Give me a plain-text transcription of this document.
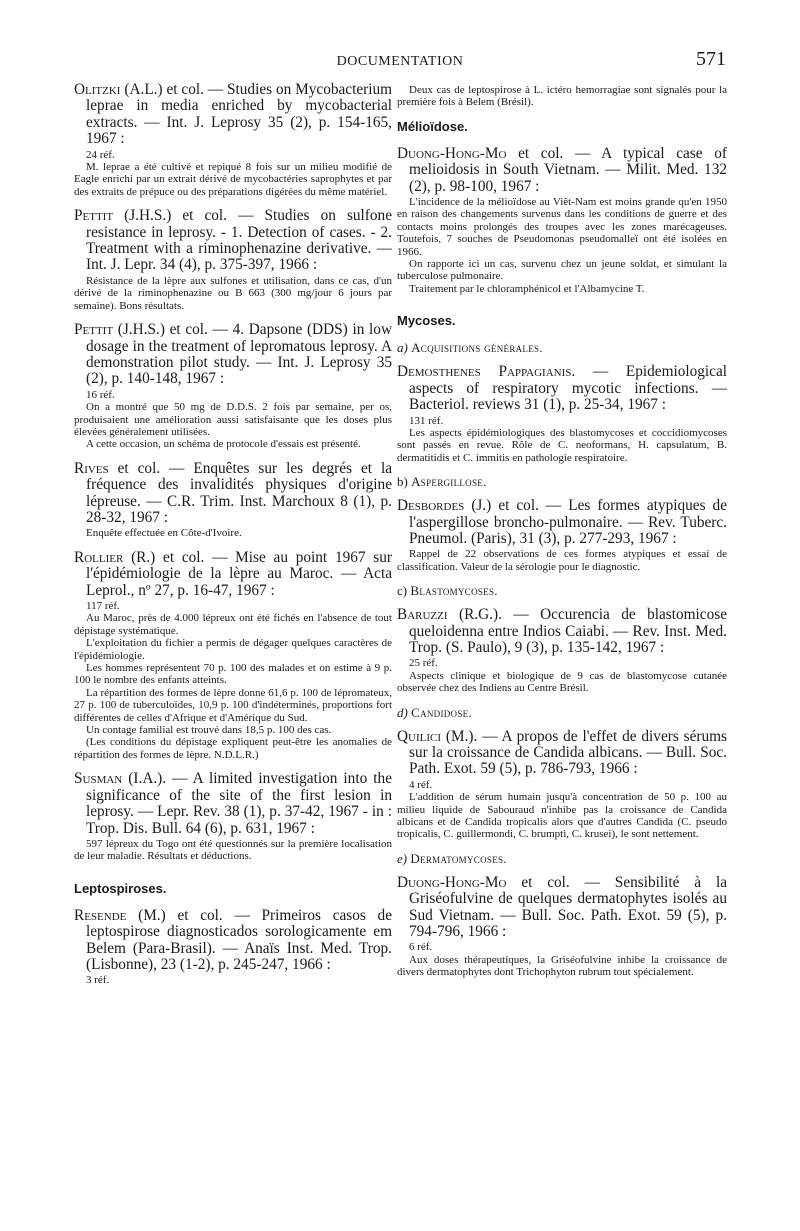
DOCUMENTATION	571

Olitzki (A.L.) et col. — Studies on Mycobacterium leprae in media enriched by mycobacterial extracts. — Int. J. Leprosy 35 (2), p. 154-165, 1967 :

24 réf.

M. leprae a été cultivé et repiqué 8 fois sur un milieu modifié de Eagle enrichi par un extrait dérivé de mycobactéries saprophytes et par des extraits de prépuce ou des préparations digérées du même matériel.

Pettit (J.H.S.) et col. — Studies on sulfone resistance in leprosy. - 1. Detection of cases. - 2. Treatment with a riminophenazine derivative. — Int. J. Lepr. 34 (4), p. 375-397, 1966 :

Résistance de la lèpre aux sulfones et utilisation, dans ce cas, d'un dérivé de la riminophenazine ou B 663 (300 mg/jour 6 jours par semaine). Bons résultats.

Pettit (J.H.S.) et col. — 4. Dapsone (DDS) in low dosage in the treatment of lepromatous leprosy. A demonstration pilot study. — Int. J. Leprosy 35 (2), p. 140-148, 1967 :

16 réf.

On a montré que 50 mg de D.D.S. 2 fois par semaine, per os, produisaient une amélioration aussi satisfaisante que les doses plus élevées généralement utilisées.

A cette occasion, un schéma de protocole d'essais est présenté.

Rives et col. — Enquêtes sur les degrés et la fréquence des invalidités physiques d'origine lépreuse. — C.R. Trim. Inst. Marchoux 8 (1), p. 28-32, 1967 :

Enquête effectuée en Côte-d'Ivoire.

Rollier (R.) et col. — Mise au point 1967 sur l'épidémiologie de la lèpre au Maroc. — Acta Leprol., nº 27, p. 16-47, 1967 :

117 réf.

Au Maroc, près de 4.000 lépreux ont été fichés en l'absence de tout dépistage systématique.

L'exploitation du fichier a permis de dégager quelques caractères de l'épidémiologie.

Les hommes représentent 70 p. 100 des malades et on estime à 9 p. 100 le nombre des enfants atteints.

La répartition des formes de lèpre donne 61,6 p. 100 de lépromateux, 27 p. 100 de tuberculoïdes, 10,9 p. 100 d'indéterminés, proportions fort différentes de celles d'Afrique et d'Amérique du Sud.

Un contage familial est trouvé dans 18,5 p. 100 des cas.

(Les conditions du dépistage expliquent peut-être les anomalies de répartition des formes de lèpre. N.D.L.R.)

Susman (I.A.). — A limited investigation into the significance of the site of the first lesion in leprosy. — Lepr. Rev. 38 (1), p. 37-42, 1967 - in : Trop. Dis. Bull. 64 (6), p. 631, 1967 :

597 lépreux du Togo ont été questionnés sur la première localisation de leur maladie. Résultats et déductions.

Leptospiroses.

Resende (M.) et col. — Primeiros casos de leptospirose diagnosticados sorologicamente em Belem (Para-Brasil). — Anaïs Inst. Med. Trop. (Lisbonne), 23 (1-2), p. 245-247, 1966 :

3 réf.

Deux cas de leptospirose à L. ictéro hemorragiae sont signalés pour la première fois à Belem (Brésil).

Mélioïdose.

Duong-Hong-Mo et col. — A typical case of melioidosis in South Vietnam. — Milit. Med. 132 (2), p. 98-100, 1967 :

L'incidence de la mélioïdose au Viêt-Nam est moins grande qu'en 1950 en raison des changements survenus dans les conditions de guerre et des contacts moins prolongés des troupes avec les zones marécageuses. Toutefois, 7 souches de Pseudomonas pseudomalleï ont été isolées en 1966.

On rapporte ici un cas, survenu chez un jeune soldat, et simulant la tuberculose pulmonaire.

Traitement par le chloramphénicol et l'Albamycine T.

Mycoses.
a) Acquisitions générales.

Demosthenes Pappagianis. — Epidemiological aspects of respiratory mycotic infections. — Bacteriol. reviews 31 (1), p. 25-34, 1967 :

131 réf.

Les aspects épidémiologiques des blastomycoses et coccidiomycoses sont passés en revue. Rôle de C. neoformans, H. capsulatum, B. dermatitidis et C. immitis en pathologie respiratoire.

b) Aspergillose.

Desbordes (J.) et col. — Les formes atypiques de l'aspergillose broncho-pulmonaire. — Rev. Tuberc. Pneumol. (Paris), 31 (3), p. 277-293, 1967 :

Rappel de 22 observations de ces formes atypiques et essai de classification. Valeur de la sérologie pour le diagnostic.

c) Blastomycoses.

Baruzzi (R.G.). — Occurencia de blastomicose queloidenna entre Indios Caiabi. — Rev. Inst. Med. Trop. (S. Paulo), 9 (3), p. 135-142, 1967 :

25 réf.

Aspects clinique et biologique de 9 cas de blastomycose cutanée observée chez des Indiens au Centre Brésil.

d) Candidose.

Quilici (M.). — A propos de l'effet de divers sérums sur la croissance de Candida albicans. — Bull. Soc. Path. Exot. 59 (5), p. 786-793, 1966 :

4 réf.

L'addition de sérum humain jusqu'à concentration de 50 p. 100 au milieu liquide de Sabouraud n'inhibe pas la croissance de Candida albicans et de Candida tropicalis alors que d'autres Candida (C. pseudo tropicalis, C. guillermondi, C. brumpti, C. krusei), le sont nettement.

e) Dermatomycoses.

Duong-Hong-Mo et col. — Sensibilité à la Griséofulvine de quelques dermatophytes isolés au Sud Vietnam. — Bull. Soc. Path. Exot. 59 (5), p. 794-796, 1966 :

6 réf.

Aux doses thérapeutiques, la Griséofulvine inhibe la croissance de divers dermatophytes dont Trichophyton rubrum tout spécialement.
